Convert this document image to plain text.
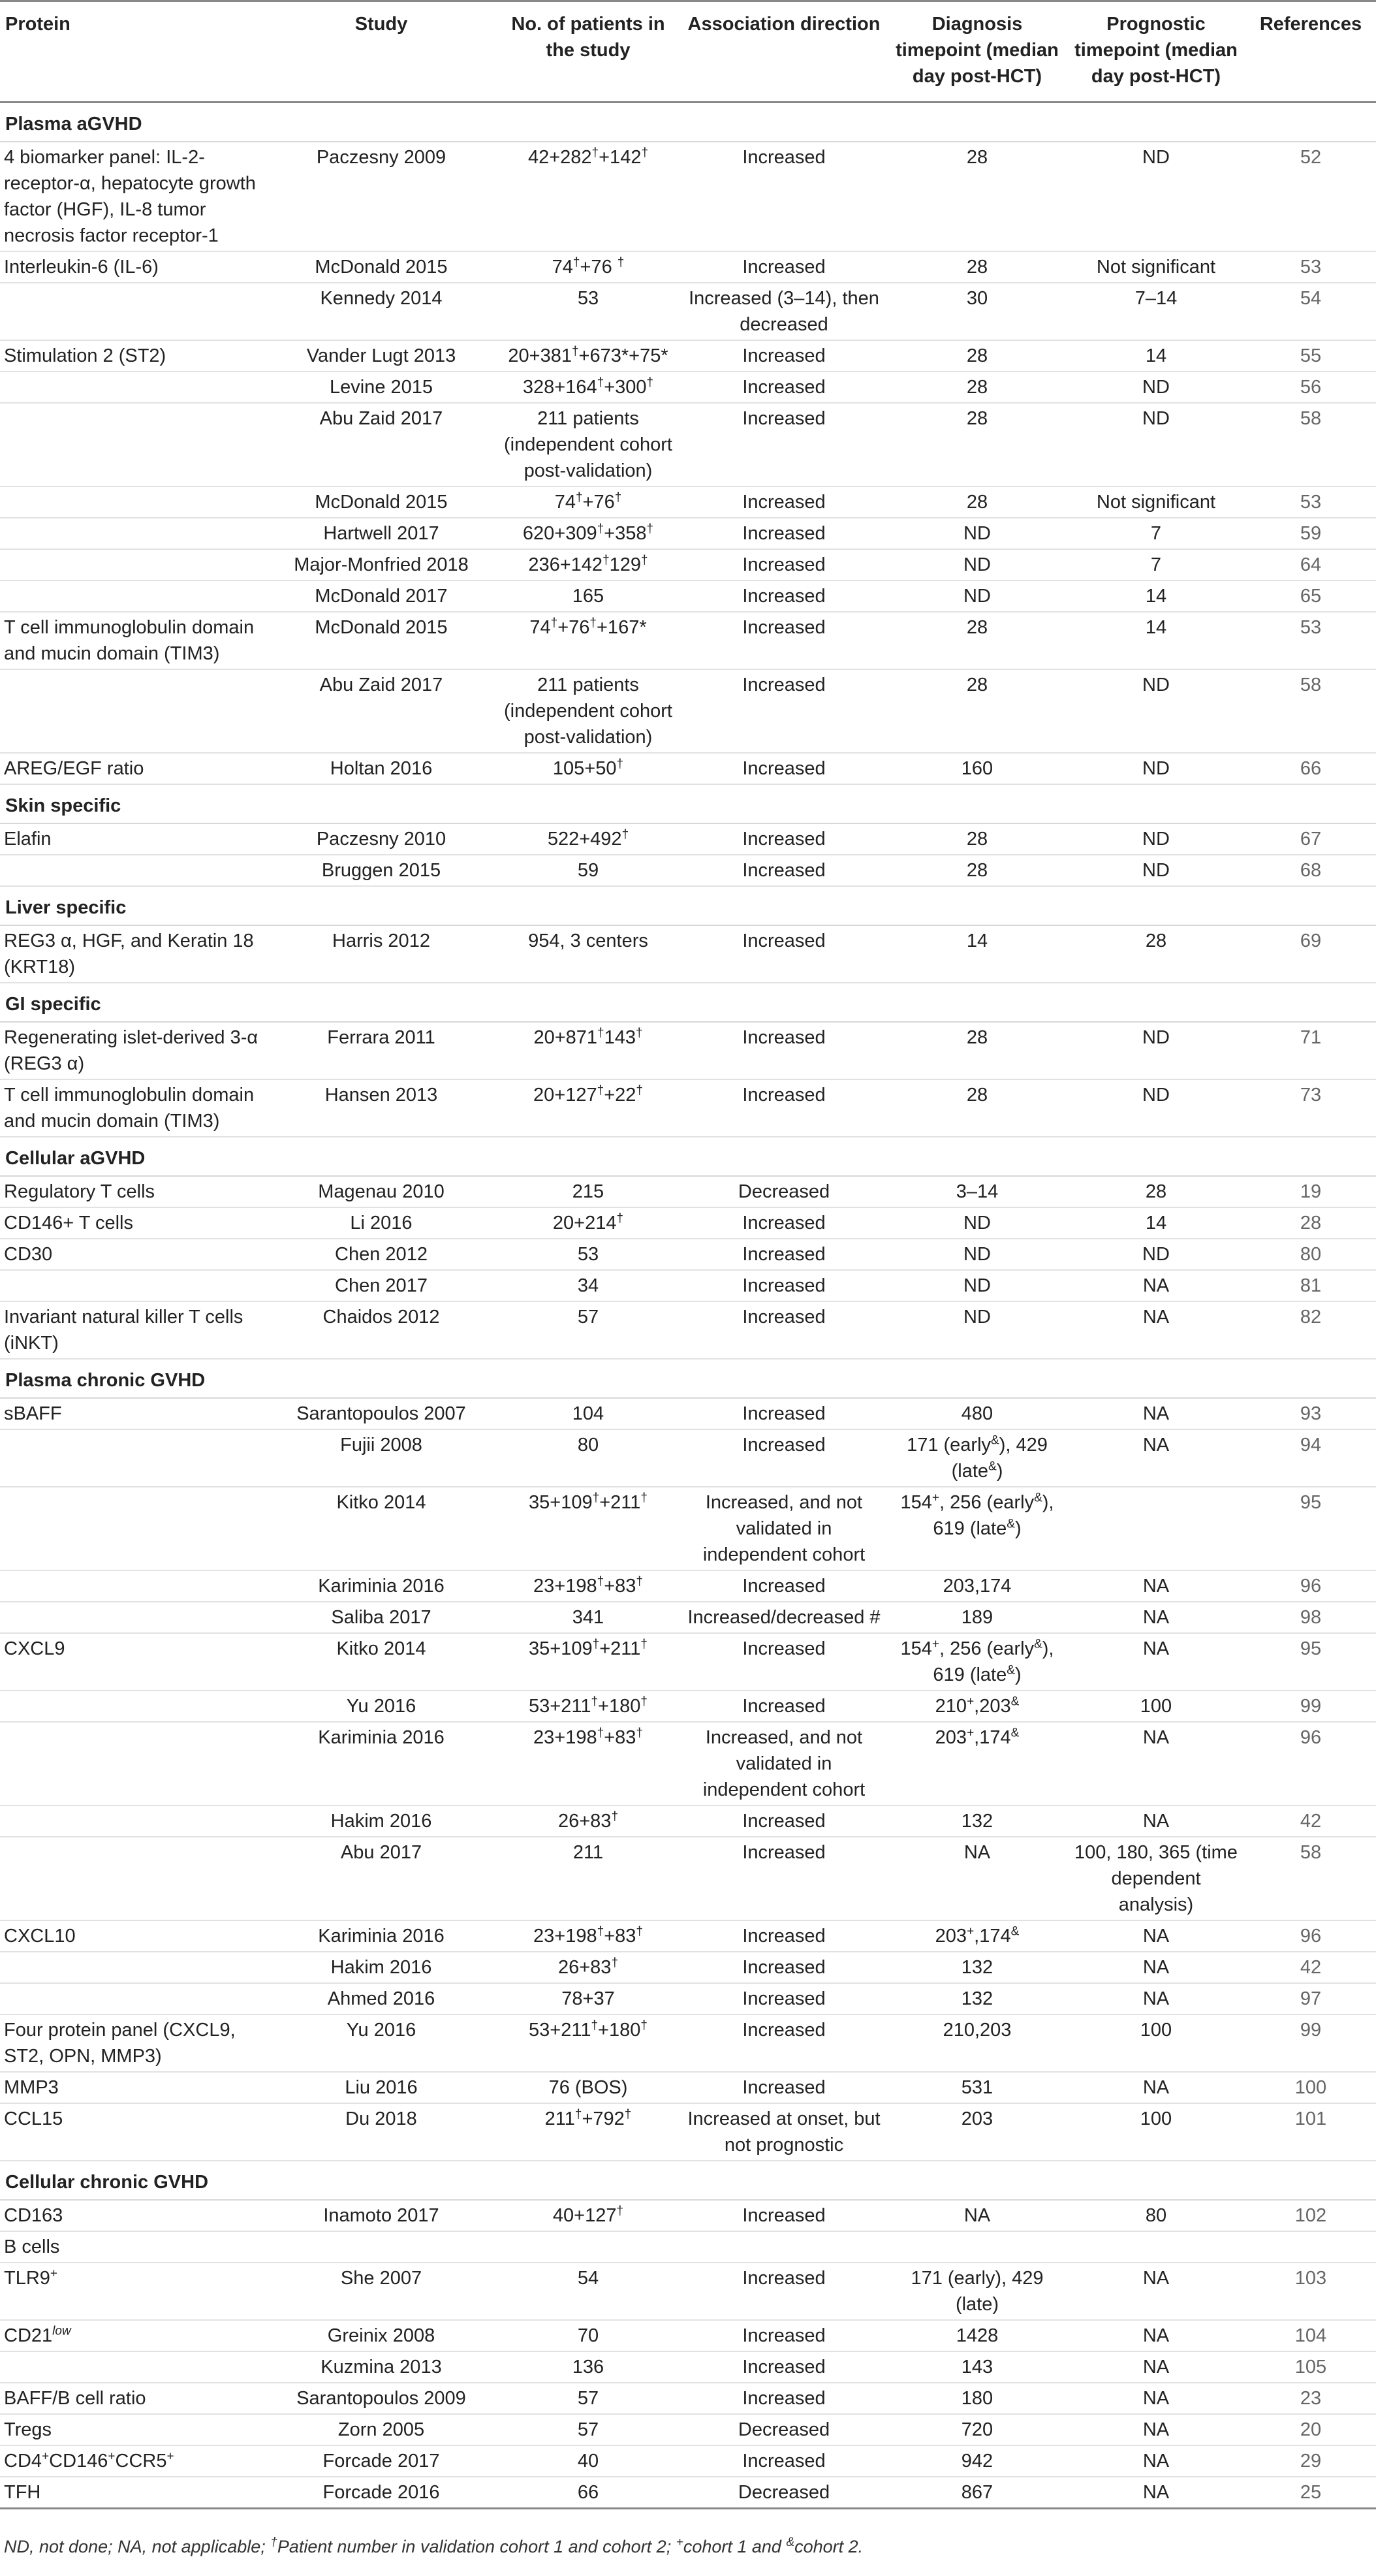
Protein	Study	No. of patients in the study	Association direction	Diagnosis timepoint (median day post-HCT)	Prognostic timepoint (median day post-HCT)	References
Plasma aGVHD						
4 biomarker panel: IL-2-receptor-α, hepatocyte growth factor (HGF), IL-8 tumor necrosis factor receptor-1	Paczesny 2009	42+282†+142†	Increased	28	ND	52
Interleukin-6 (IL-6)	McDonald 2015	74†+76 †	Increased	28	Not significant	53
	Kennedy 2014	53	Increased (3–14), then decreased	30	7–14	54
Stimulation 2 (ST2)	Vander Lugt 2013	20+381†+673*+75*	Increased	28	14	55
	Levine 2015	328+164†+300†	Increased	28	ND	56
	Abu Zaid 2017	211 patients (independent cohort post-validation)	Increased	28	ND	58
	McDonald 2015	74†+76†	Increased	28	Not significant	53
	Hartwell 2017	620+309†+358†	Increased	ND	7	59
	Major-Monfried 2018	236+142†129†	Increased	ND	7	64
	McDonald 2017	165	Increased	ND	14	65
T cell immunoglobulin domain and mucin domain (TIM3)	McDonald 2015	74†+76†+167*	Increased	28	14	53
	Abu Zaid 2017	211 patients (independent cohort post-validation)	Increased	28	ND	58
AREG/EGF ratio	Holtan 2016	105+50†	Increased	160	ND	66
Skin specific						
Elafin	Paczesny 2010	522+492†	Increased	28	ND	67
	Bruggen 2015	59	Increased	28	ND	68
Liver specific						
REG3 α, HGF, and Keratin 18 (KRT18)	Harris 2012	954, 3 centers	Increased	14	28	69
GI specific						
Regenerating islet-derived 3-α (REG3 α)	Ferrara 2011	20+871†143†	Increased	28	ND	71
T cell immunoglobulin domain and mucin domain (TIM3)	Hansen 2013	20+127†+22†	Increased	28	ND	73
Cellular aGVHD						
Regulatory T cells	Magenau 2010	215	Decreased	3–14	28	19
CD146+ T cells	Li 2016	20+214†	Increased	ND	14	28
CD30	Chen 2012	53	Increased	ND	ND	80
	Chen 2017	34	Increased	ND	NA	81
Invariant natural killer T cells (iNKT)	Chaidos 2012	57	Increased	ND	NA	82
Plasma chronic GVHD						
sBAFF	Sarantopoulos 2007	104	Increased	480	NA	93
	Fujii 2008	80	Increased	171 (early&), 429 (late&)	NA	94
	Kitko 2014	35+109†+211†	Increased, and not validated in independent cohort	154+, 256 (early&), 619 (late&)		95
	Kariminia 2016	23+198†+83†	Increased	203,174	NA	96
	Saliba 2017	341	Increased/decreased #	189	NA	98
CXCL9	Kitko 2014	35+109†+211†	Increased	154+, 256 (early&), 619 (late&)	NA	95
	Yu 2016	53+211†+180†	Increased	210+,203&	100	99
	Kariminia 2016	23+198†+83†	Increased, and not validated in independent cohort	203+,174&	NA	96
	Hakim 2016	26+83†	Increased	132	NA	42
	Abu 2017	211	Increased	NA	100, 180, 365 (time dependent analysis)	58
CXCL10	Kariminia 2016	23+198†+83†	Increased	203+,174&	NA	96
	Hakim 2016	26+83†	Increased	132	NA	42
	Ahmed 2016	78+37	Increased	132	NA	97
Four protein panel (CXCL9, ST2, OPN, MMP3)	Yu 2016	53+211†+180†	Increased	210,203	100	99
MMP3	Liu 2016	76 (BOS)	Increased	531	NA	100
CCL15	Du 2018	211†+792†	Increased at onset, but not prognostic	203	100	101
Cellular chronic GVHD						
CD163	Inamoto 2017	40+127†	Increased	NA	80	102
B cells						
TLR9+	She 2007	54	Increased	171 (early), 429 (late)	NA	103
$CD21^{low}$	Greinix 2008	70	Increased	1428	NA	104
	Kuzmina 2013	136	Increased	143	NA	105
BAFF/B cell ratio	Sarantopoulos 2009	57	Increased	180	NA	23
Tregs	Zorn 2005	57	Decreased	720	NA	20
CD4+CD146+CCR5+	Forcade 2017	40	Increased	942	NA	29
TFH	Forcade 2016	66	Decreased	867	NA	25
ND, not done; NA, not applicable; †Patient number in validation cohort 1 and cohort 2; +cohort 1 and &cohort 2.
